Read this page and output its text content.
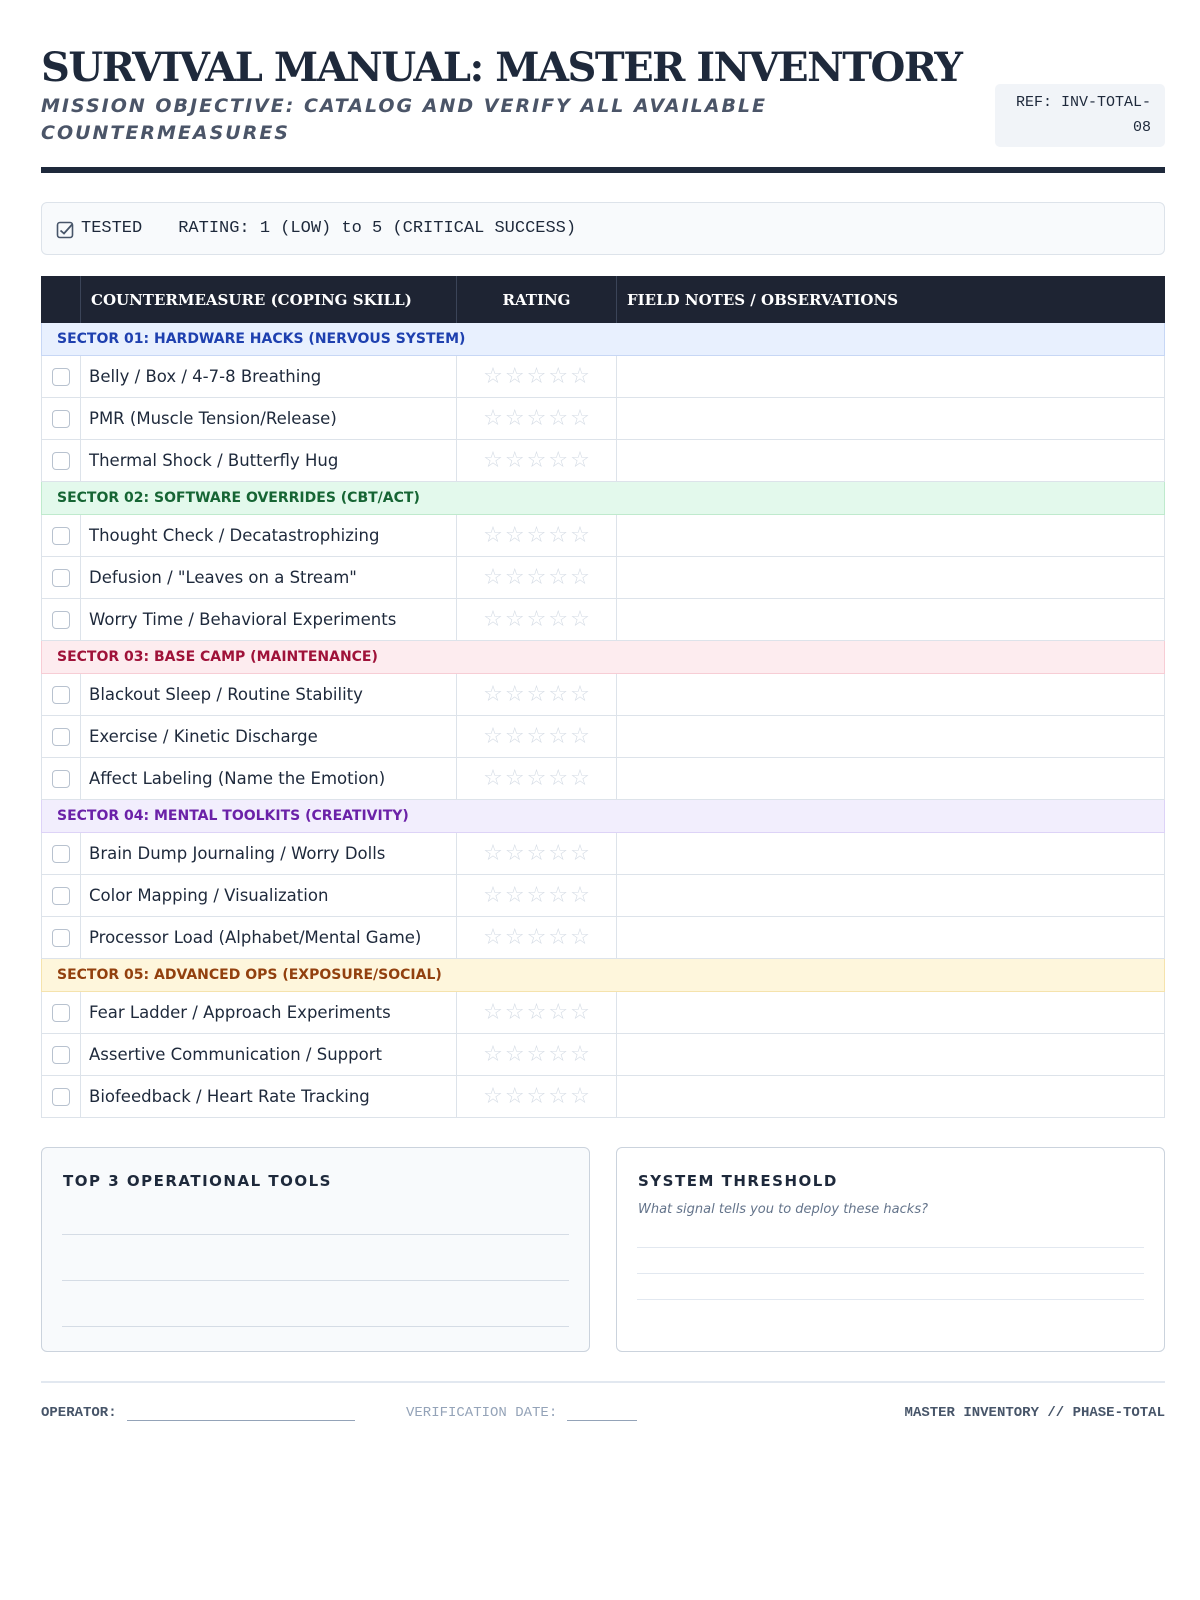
SURVIVAL MANUAL: MASTER INVENTORY

MISSION OBJECTIVE: CATALOG AND VERIFY ALL AVAILABLE COUNTERMEASURES

REF: INV-TOTAL-
08
TESTED RATING: 1 (LOW) to 5 (CRITICAL SUCCESS)
COUNTERMEASURE (COPING SKILL)	RATING	FIELD NOTES / OBSERVATIONS
SECTOR 01: HARDWARE HACKS (NERVOUS SYSTEM)
Belly / Box / 4-7-8 Breathing	☆ ☆ ☆ ☆ ☆
PMR (Muscle Tension/Release)	☆ ☆ ☆ ☆ ☆
Thermal Shock / Butterfly Hug	☆ ☆ ☆ ☆ ☆
SECTOR 02: SOFTWARE OVERRIDES (CBT/ACT)
Thought Check / Decatastrophizing	☆ ☆ ☆ ☆ ☆
Defusion / "Leaves on a Stream"	☆ ☆ ☆ ☆ ☆
Worry Time / Behavioral Experiments	☆ ☆ ☆ ☆ ☆
SECTOR 03: BASE CAMP (MAINTENANCE)
Blackout Sleep / Routine Stability	☆ ☆ ☆ ☆ ☆
Exercise / Kinetic Discharge	☆ ☆ ☆ ☆ ☆
Affect Labeling (Name the Emotion)	☆ ☆ ☆ ☆ ☆
SECTOR 04: MENTAL TOOLKITS (CREATIVITY)
Brain Dump Journaling / Worry Dolls	☆ ☆ ☆ ☆ ☆
Color Mapping / Visualization	☆ ☆ ☆ ☆ ☆
Processor Load (Alphabet/Mental Game)	☆ ☆ ☆ ☆ ☆
SECTOR 05: ADVANCED OPS (EXPOSURE/SOCIAL)
Fear Ladder / Approach Experiments	☆ ☆ ☆ ☆ ☆
Assertive Communication / Support	☆ ☆ ☆ ☆ ☆
Biofeedback / Heart Rate Tracking	☆ ☆ ☆ ☆ ☆
TOP 3 OPERATIONAL TOOLS	SYSTEM THRESHOLD
What signal tells you to deploy these hacks?
OPERATOR:	VERIFICATION DATE:	MASTER INVENTORY // PHASE-TOTAL
